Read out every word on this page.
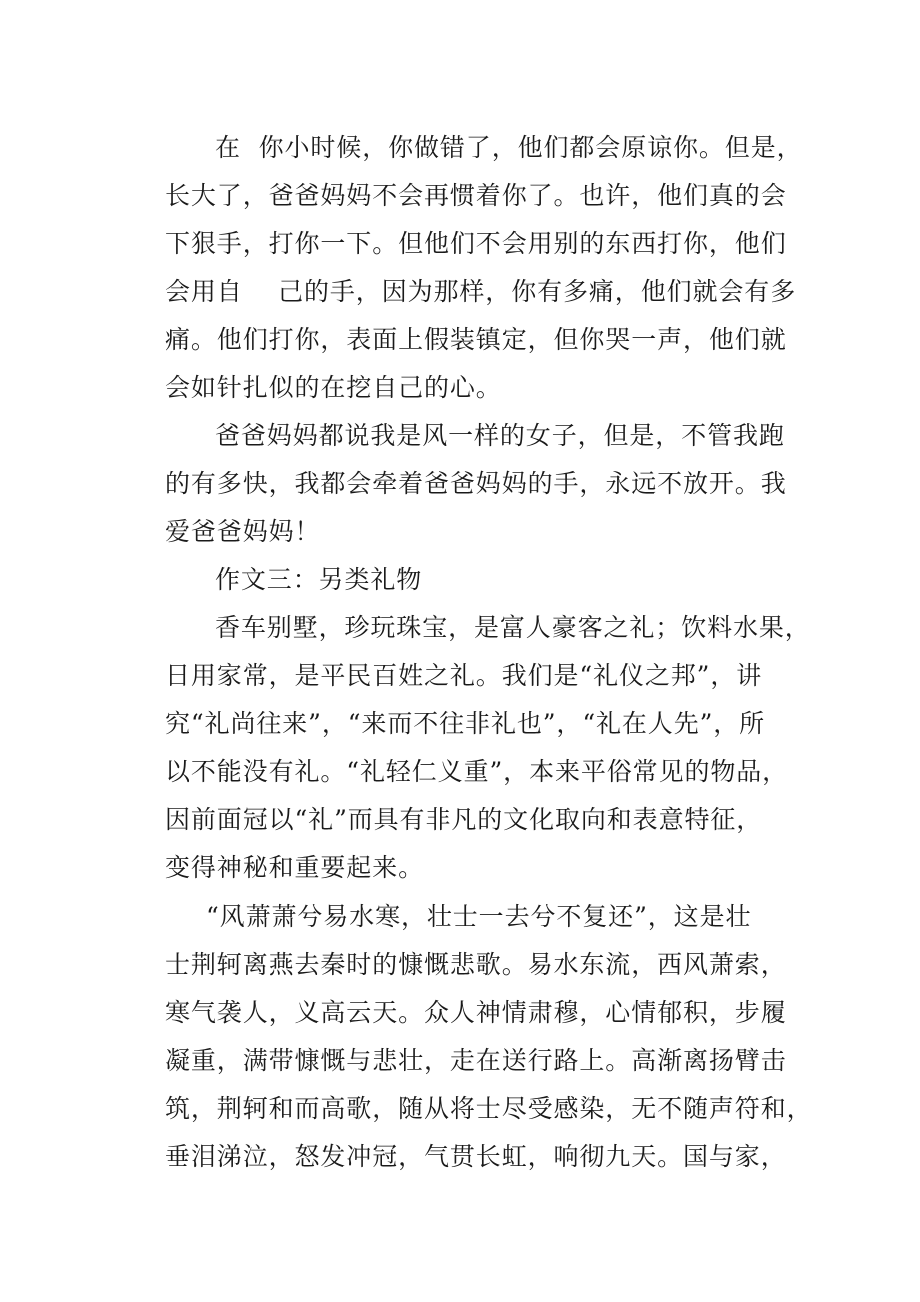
在  你小时候，你做错了，他们都会原谅你。但是，
长大了，爸爸妈妈不会再惯着你了。也许，他们真的会
下狠手，打你一下。但他们不会用别的东西打你，他们
会用自    己的手，因为那样，你有多痛，他们就会有多
痛。他们打你，表面上假装镇定，但你哭一声，他们就
会如针扎似的在挖自己的心。
爸爸妈妈都说我是风一样的女子，但是，不管我跑
的有多快，我都会牵着爸爸妈妈的手，永远不放开。我
爱爸爸妈妈！
作文三：另类礼物
香车别墅，珍玩珠宝，是富人豪客之礼；饮料水果，
日用家常，是平民百姓之礼。我们是“礼仪之邦”，讲
究“礼尚往来”，“来而不往非礼也”，“礼在人先”，所
以不能没有礼。“礼轻仁义重”，本来平俗常见的物品，
因前面冠以“礼”而具有非凡的文化取向和表意特征，
变得神秘和重要起来。
“风萧萧兮易水寒，壮士一去兮不复还”，这是壮
士荆轲离燕去秦时的慷慨悲歌。易水东流，西风萧索，
寒气袭人，义高云天。众人神情肃穆，心情郁积，步履
凝重，满带慷慨与悲壮，走在送行路上。高渐离扬臂击
筑，荆轲和而高歌，随从将士尽受感染，无不随声符和，
垂泪涕泣，怒发冲冠，气贯长虹，响彻九天。国与家，
